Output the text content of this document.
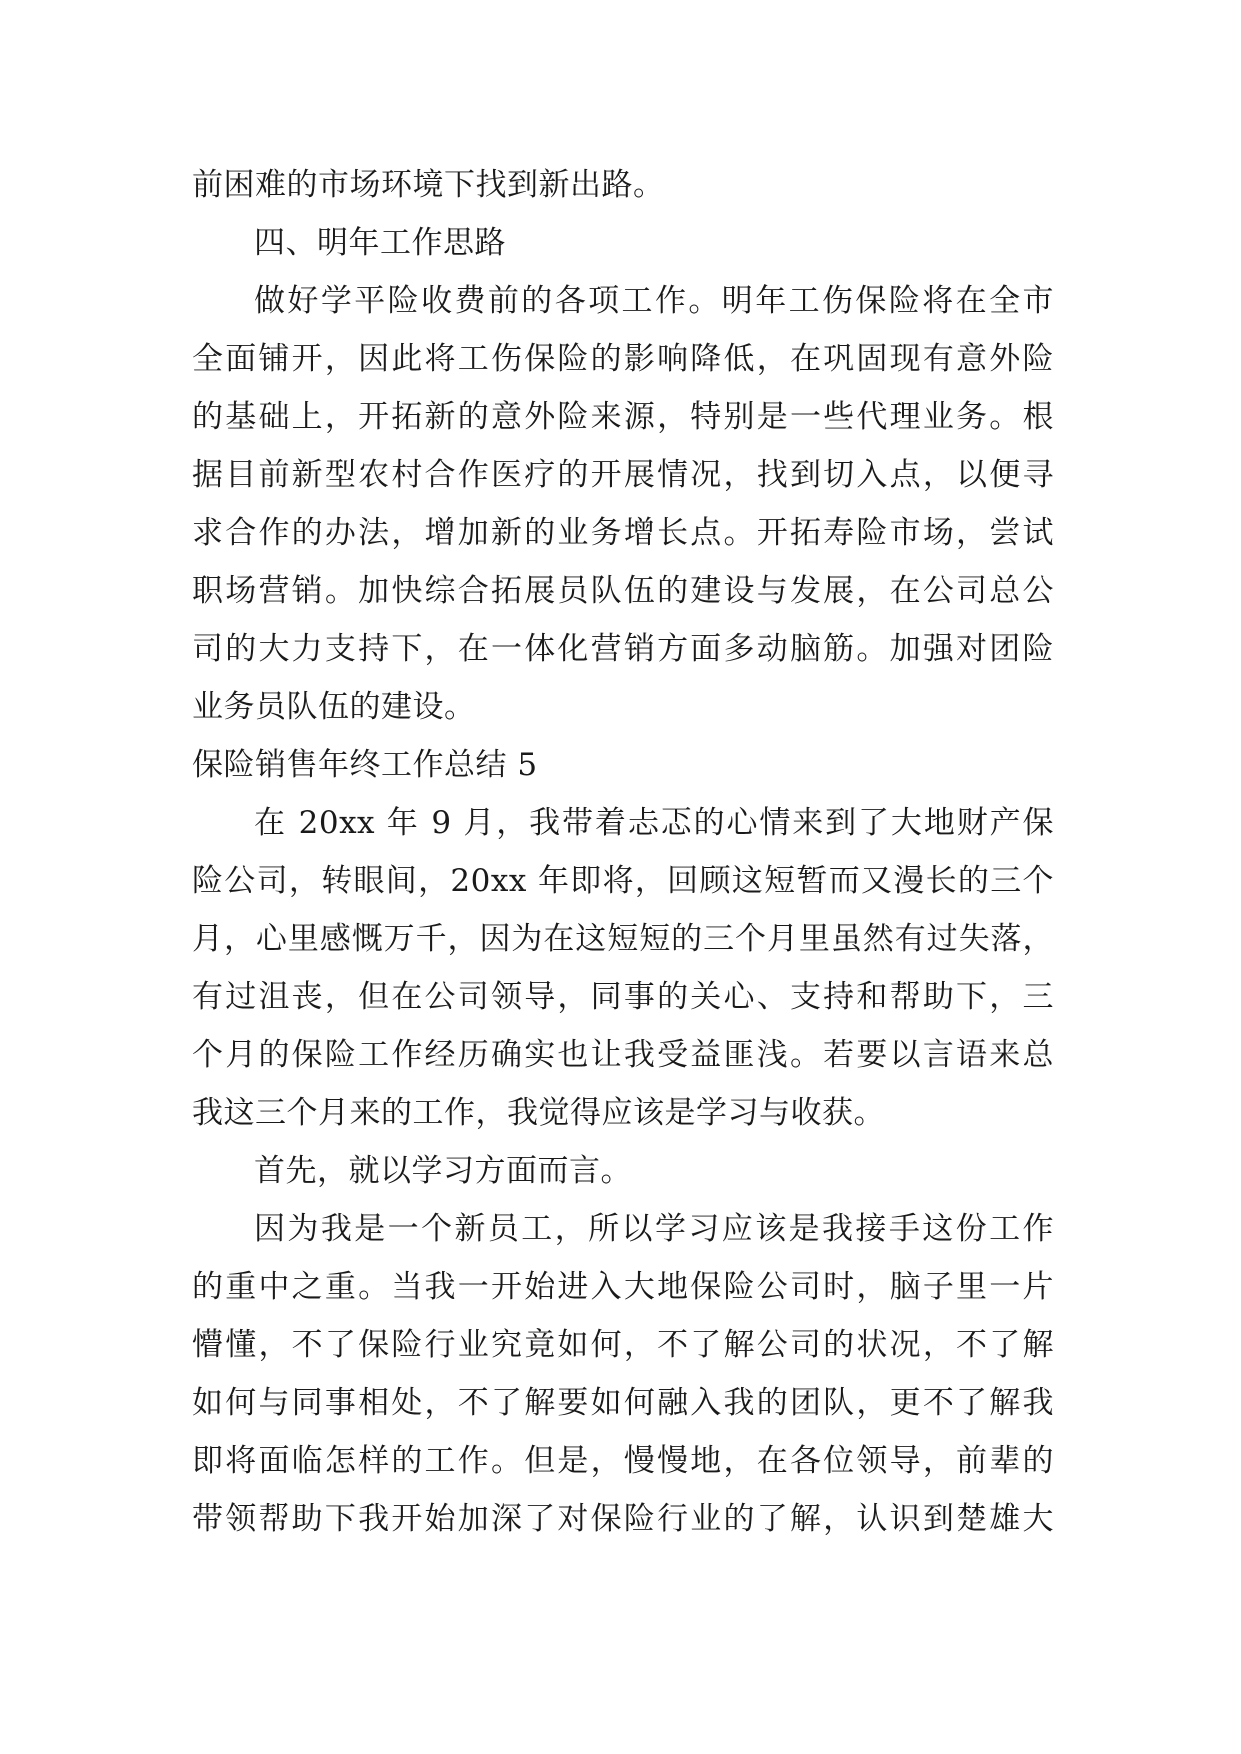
前困难的市场环境下找到新出路。
四、明年工作思路
做好学平险收费前的各项工作。明年工伤保险将在全市
全面铺开，因此将工伤保险的影响降低，在巩固现有意外险
的基础上，开拓新的意外险来源，特别是一些代理业务。根
据目前新型农村合作医疗的开展情况，找到切入点，以便寻
求合作的办法，增加新的业务增长点。开拓寿险市场，尝试
职场营销。加快综合拓展员队伍的建设与发展，在公司总公
司的大力支持下，在一体化营销方面多动脑筋。加强对团险
业务员队伍的建设。
保险销售年终工作总结 5
在 20xx 年 9 月，我带着忐忑的心情来到了大地财产保
险公司，转眼间，20xx 年即将，回顾这短暂而又漫长的三个
月，心里感慨万千，因为在这短短的三个月里虽然有过失落，
有过沮丧，但在公司领导，同事的关心、支持和帮助下，三
个月的保险工作经历确实也让我受益匪浅。若要以言语来总
我这三个月来的工作，我觉得应该是学习与收获。
首先，就以学习方面而言。
因为我是一个新员工，所以学习应该是我接手这份工作
的重中之重。当我一开始进入大地保险公司时，脑子里一片
懵懂，不了保险行业究竟如何，不了解公司的状况，不了解
如何与同事相处，不了解要如何融入我的团队，更不了解我
即将面临怎样的工作。但是，慢慢地，在各位领导，前辈的
带领帮助下我开始加深了对保险行业的了解，认识到楚雄大
